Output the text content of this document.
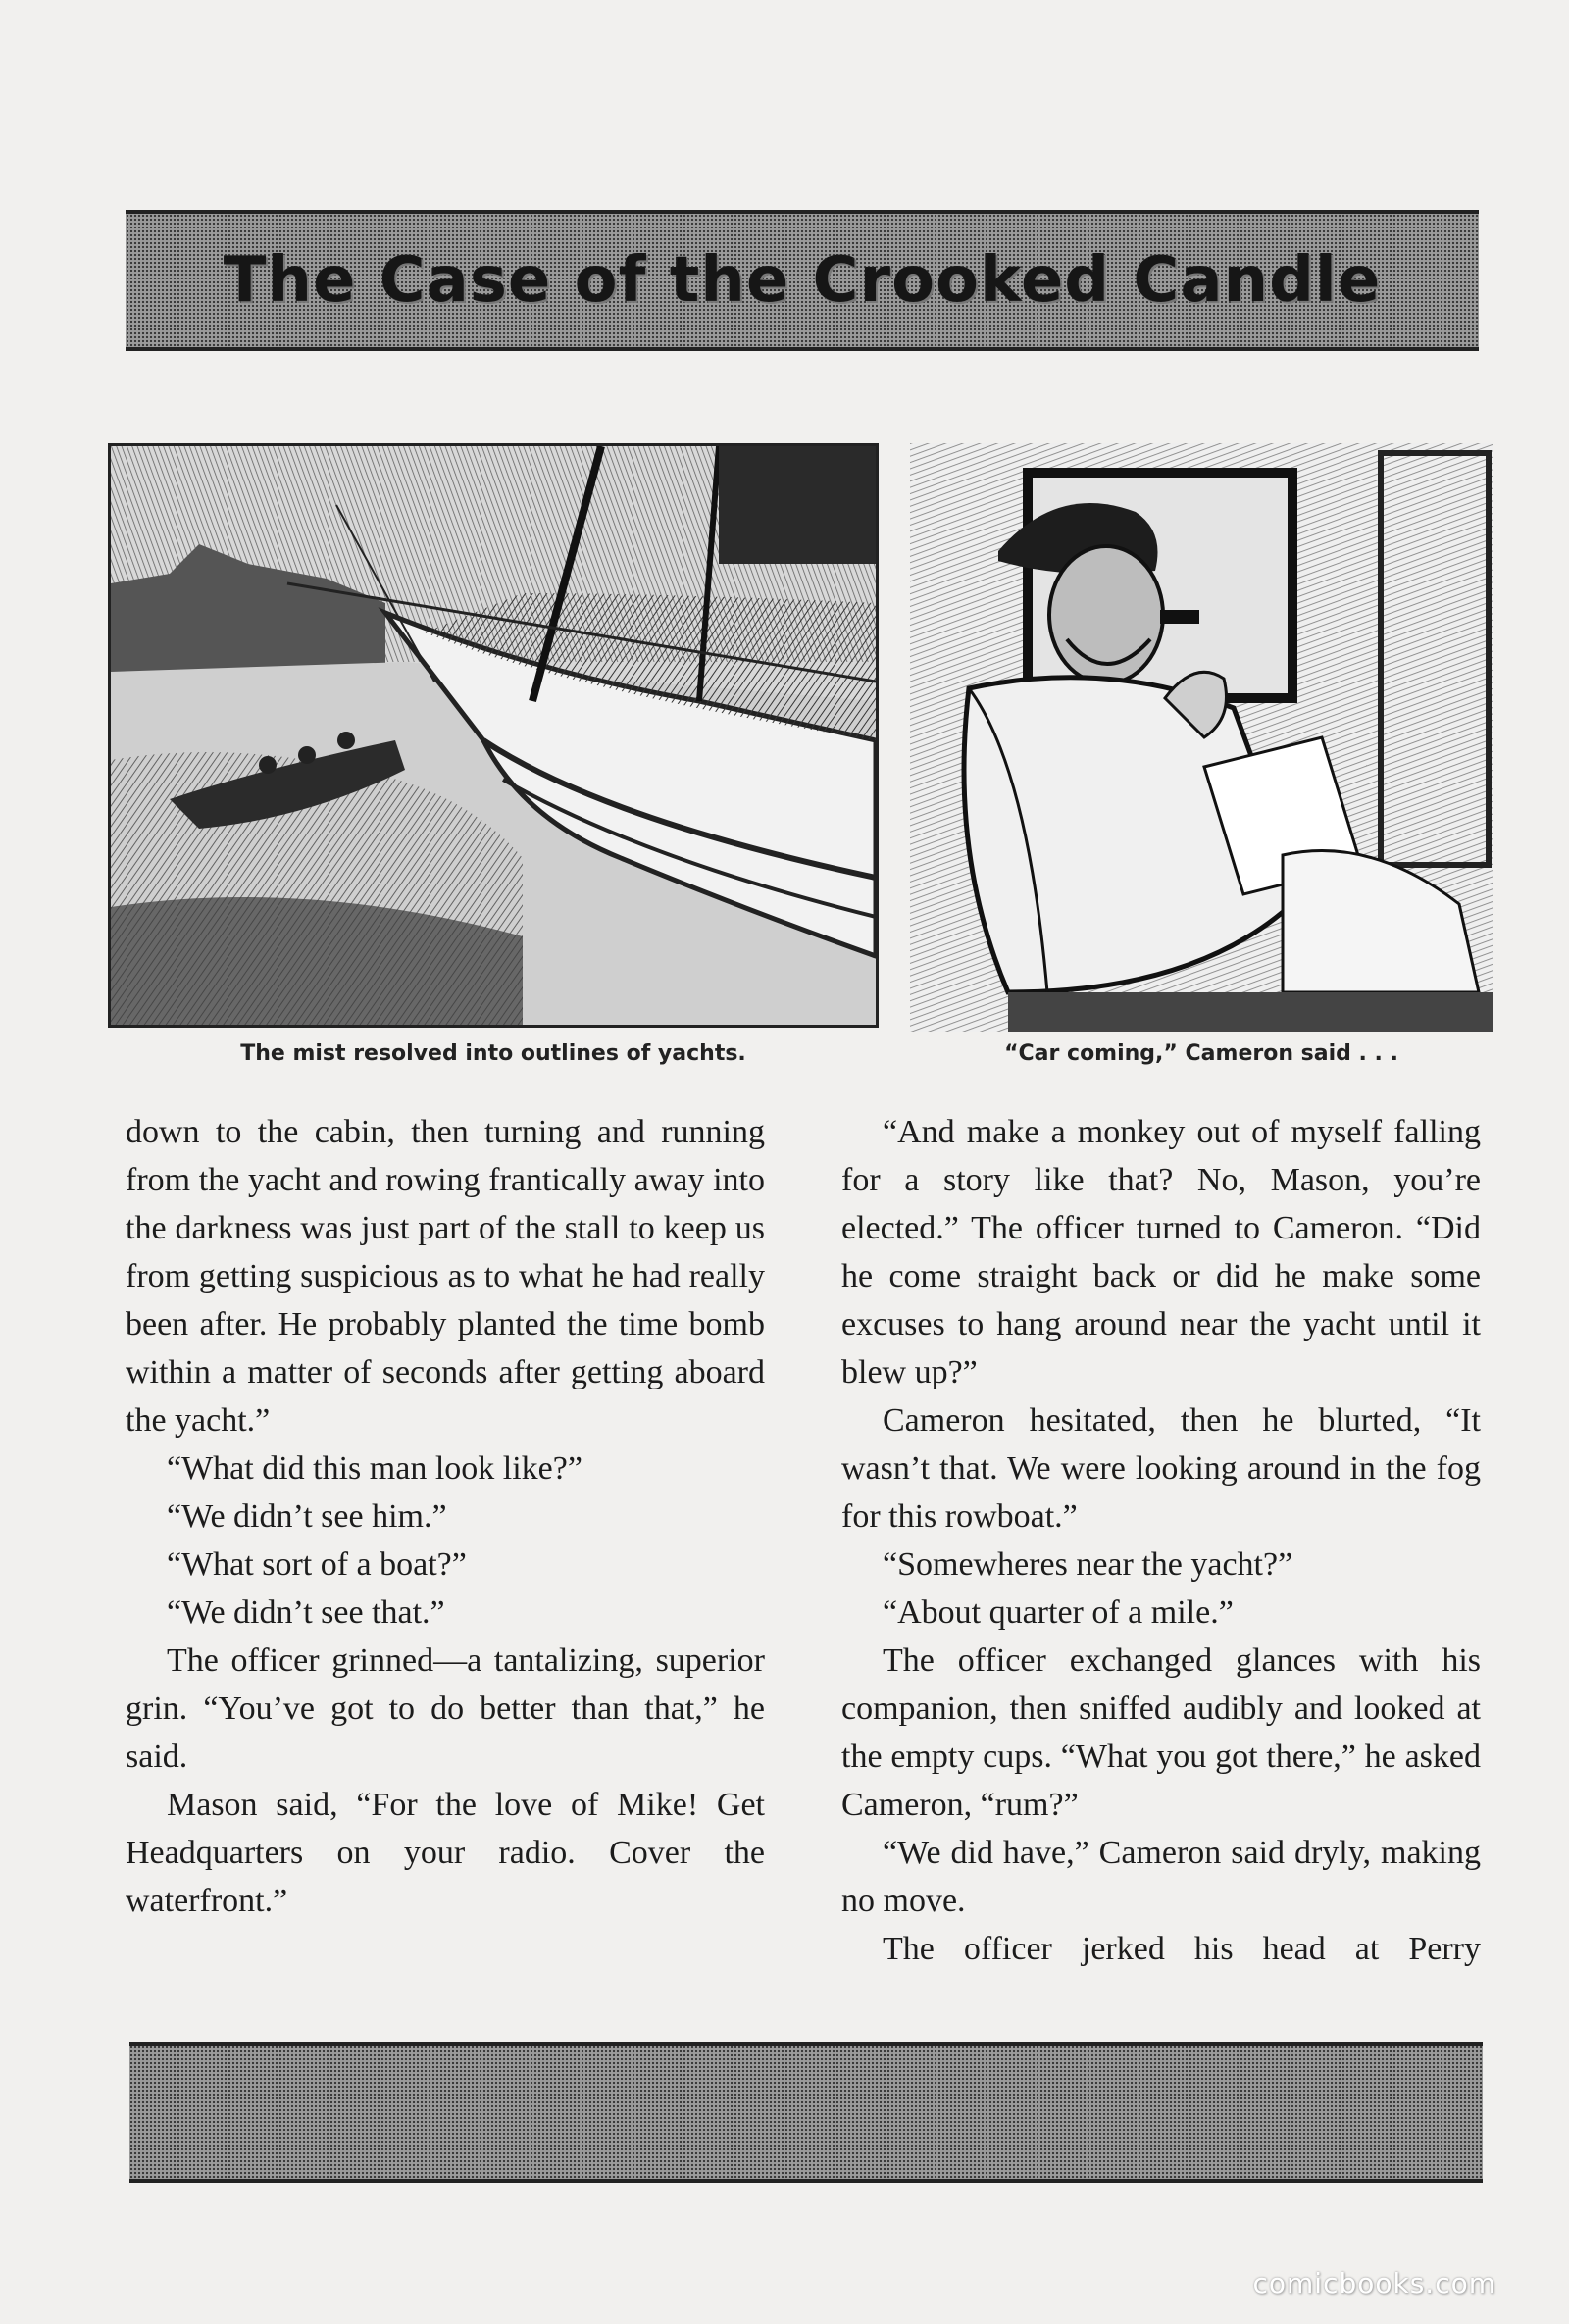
The Case of the Crooked Candle
The mist resolved into outlines of yachts.	“Car coming,” Cameron said . . .

down to the cabin, then turning and running from the yacht and rowing frantically away into the darkness was just part of the stall to keep us from getting suspicious as to what he had really been after. He probably planted the time bomb within a matter of seconds after getting aboard the yacht.”

“What did this man look like?”

“We didn’t see him.”

“What sort of a boat?”

“We didn’t see that.”

The officer grinned—a tantalizing, superior grin. “You’ve got to do better than that,” he said.

Mason said, “For the love of Mike! Get Headquarters on your radio. Cover the waterfront.”

“And make a monkey out of myself falling for a story like that? No, Mason, you’re elected.” The officer turned to Cameron. “Did he come straight back or did he make some excuses to hang around near the yacht until it blew up?”

Cameron hesitated, then he blurted, “It wasn’t that. We were looking around in the fog for this rowboat.”

“Somewheres near the yacht?”

“About quarter of a mile.”

The officer exchanged glances with his companion, then sniffed audibly and looked at the empty cups. “What you got there,” he asked Cameron, “rum?”

“We did have,” Cameron said dryly, making no move.

The officer jerked his head at Perry

comicbooks.com
